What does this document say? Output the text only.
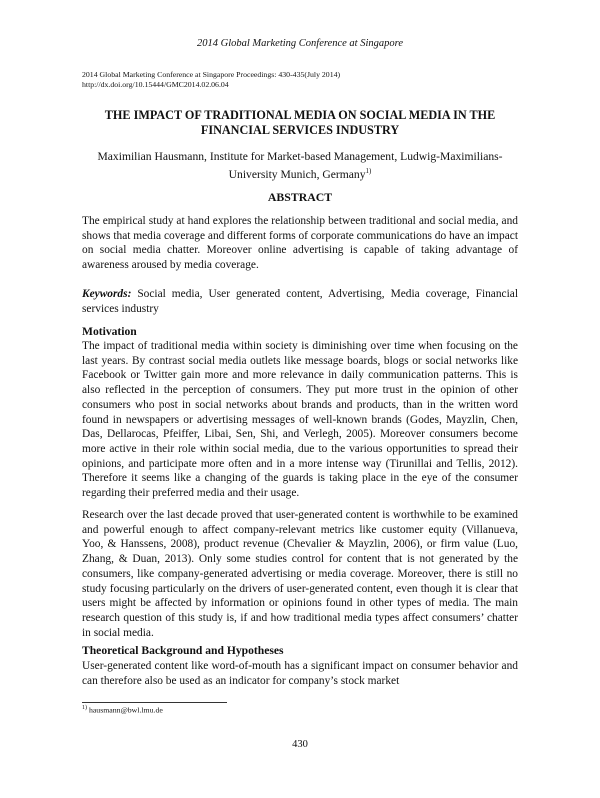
2014 Global Marketing Conference at Singapore
2014 Global Marketing Conference at Singapore Proceedings: 430-435(July 2014)
http://dx.doi.org/10.15444/GMC2014.02.06.04
THE IMPACT OF TRADITIONAL MEDIA ON SOCIAL MEDIA IN THE
FINANCIAL SERVICES INDUSTRY
Maximilian Hausmann, Institute for Market-based Management, Ludwig-Maximilians-
University Munich, Germany$^{1)}$
ABSTRACT
The empirical study at hand explores the relationship between traditional and social media, and shows that media coverage and different forms of corporate communications do have an impact on social media chatter. Moreover online advertising is capable of taking advantage of awareness aroused by media coverage.
Keywords: Social media, User generated content, Advertising, Media coverage, Financial services industry
Motivation
The impact of traditional media within society is diminishing over time when focusing on the last years. By contrast social media outlets like message boards, blogs or social networks like Facebook or Twitter gain more and more relevance in daily communication patterns. This is also reflected in the perception of consumers. They put more trust in the opinion of other consumers who post in social networks about brands and products, than in the written word found in newspapers or advertising messages of well-known brands (Godes, Mayzlin, Chen, Das, Dellarocas, Pfeiffer, Libai, Sen, Shi, and Verlegh, 2005). Moreover consumers become more active in their role within social media, due to the various opportunities to spread their opinions, and participate more often and in a more intense way (Tirunillai and Tellis, 2012). Therefore it seems like a changing of the guards is taking place in the eye of the consumer regarding their preferred media and their usage.
Research over the last decade proved that user-generated content is worthwhile to be examined and powerful enough to affect company-relevant metrics like customer equity (Villanueva, Yoo, & Hanssens, 2008), product revenue (Chevalier & Mayzlin, 2006), or firm value (Luo, Zhang, & Duan, 2013). Only some studies control for content that is not generated by the consumers, like company-generated advertising or media coverage. Moreover, there is still no study focusing particularly on the drivers of user-generated content, even though it is clear that users might be affected by information or opinions found in other types of media. The main research question of this study is, if and how traditional media types affect consumers’ chatter in social media.
Theoretical Background and Hypotheses
User-generated content like word-of-mouth has a significant impact on consumer behavior and can therefore also be used as an indicator for company’s stock market
$^{1)}$ hausmann@bwl.lmu.de
430
